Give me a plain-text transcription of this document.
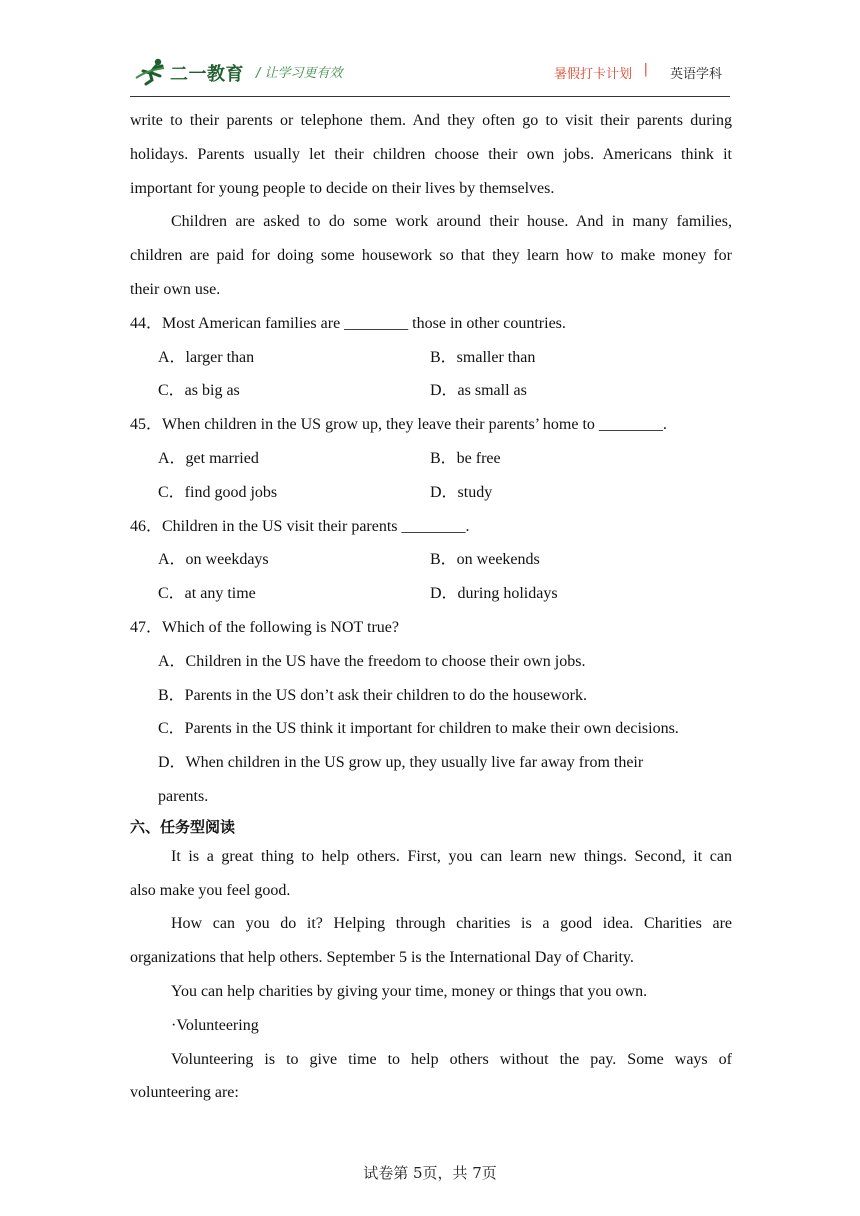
二一教育 / 让学习更有效	暑假打卡计划 | 英语学科
write to their parents or telephone them. And they often go to visit their parents during
holidays. Parents usually let their children choose their own jobs. Americans think it
important for young people to decide on their lives by themselves.
Children are asked to do some work around their house. And in many families,
children are paid for doing some housework so that they learn how to make money for
their own use.
44．Most American families are ________ those in other countries.
A．larger than	B．smaller than
C．as big as	D．as small as
45．When children in the US grow up, they leave their parents’ home to ________.
A．get married	B．be free
C．find good jobs	D．study
46．Children in the US visit their parents ________.
A．on weekdays	B．on weekends
C．at any time	D．during holidays
47．Which of the following is NOT true?
A．Children in the US have the freedom to choose their own jobs.
B．Parents in the US don’t ask their children to do the housework.
C．Parents in the US think it important for children to make their own decisions.
D．When children in the US grow up, they usually live far away from their
parents.
六、任务型阅读
It is a great thing to help others. First, you can learn new things. Second, it can
also make you feel good.
How can you do it? Helping through charities is a good idea. Charities are
organizations that help others. September 5 is the International Day of Charity.
You can help charities by giving your time, money or things that you own.
·Volunteering
Volunteering is to give time to help others without the pay. Some ways of
volunteering are:
试卷第 5页，共 7页
